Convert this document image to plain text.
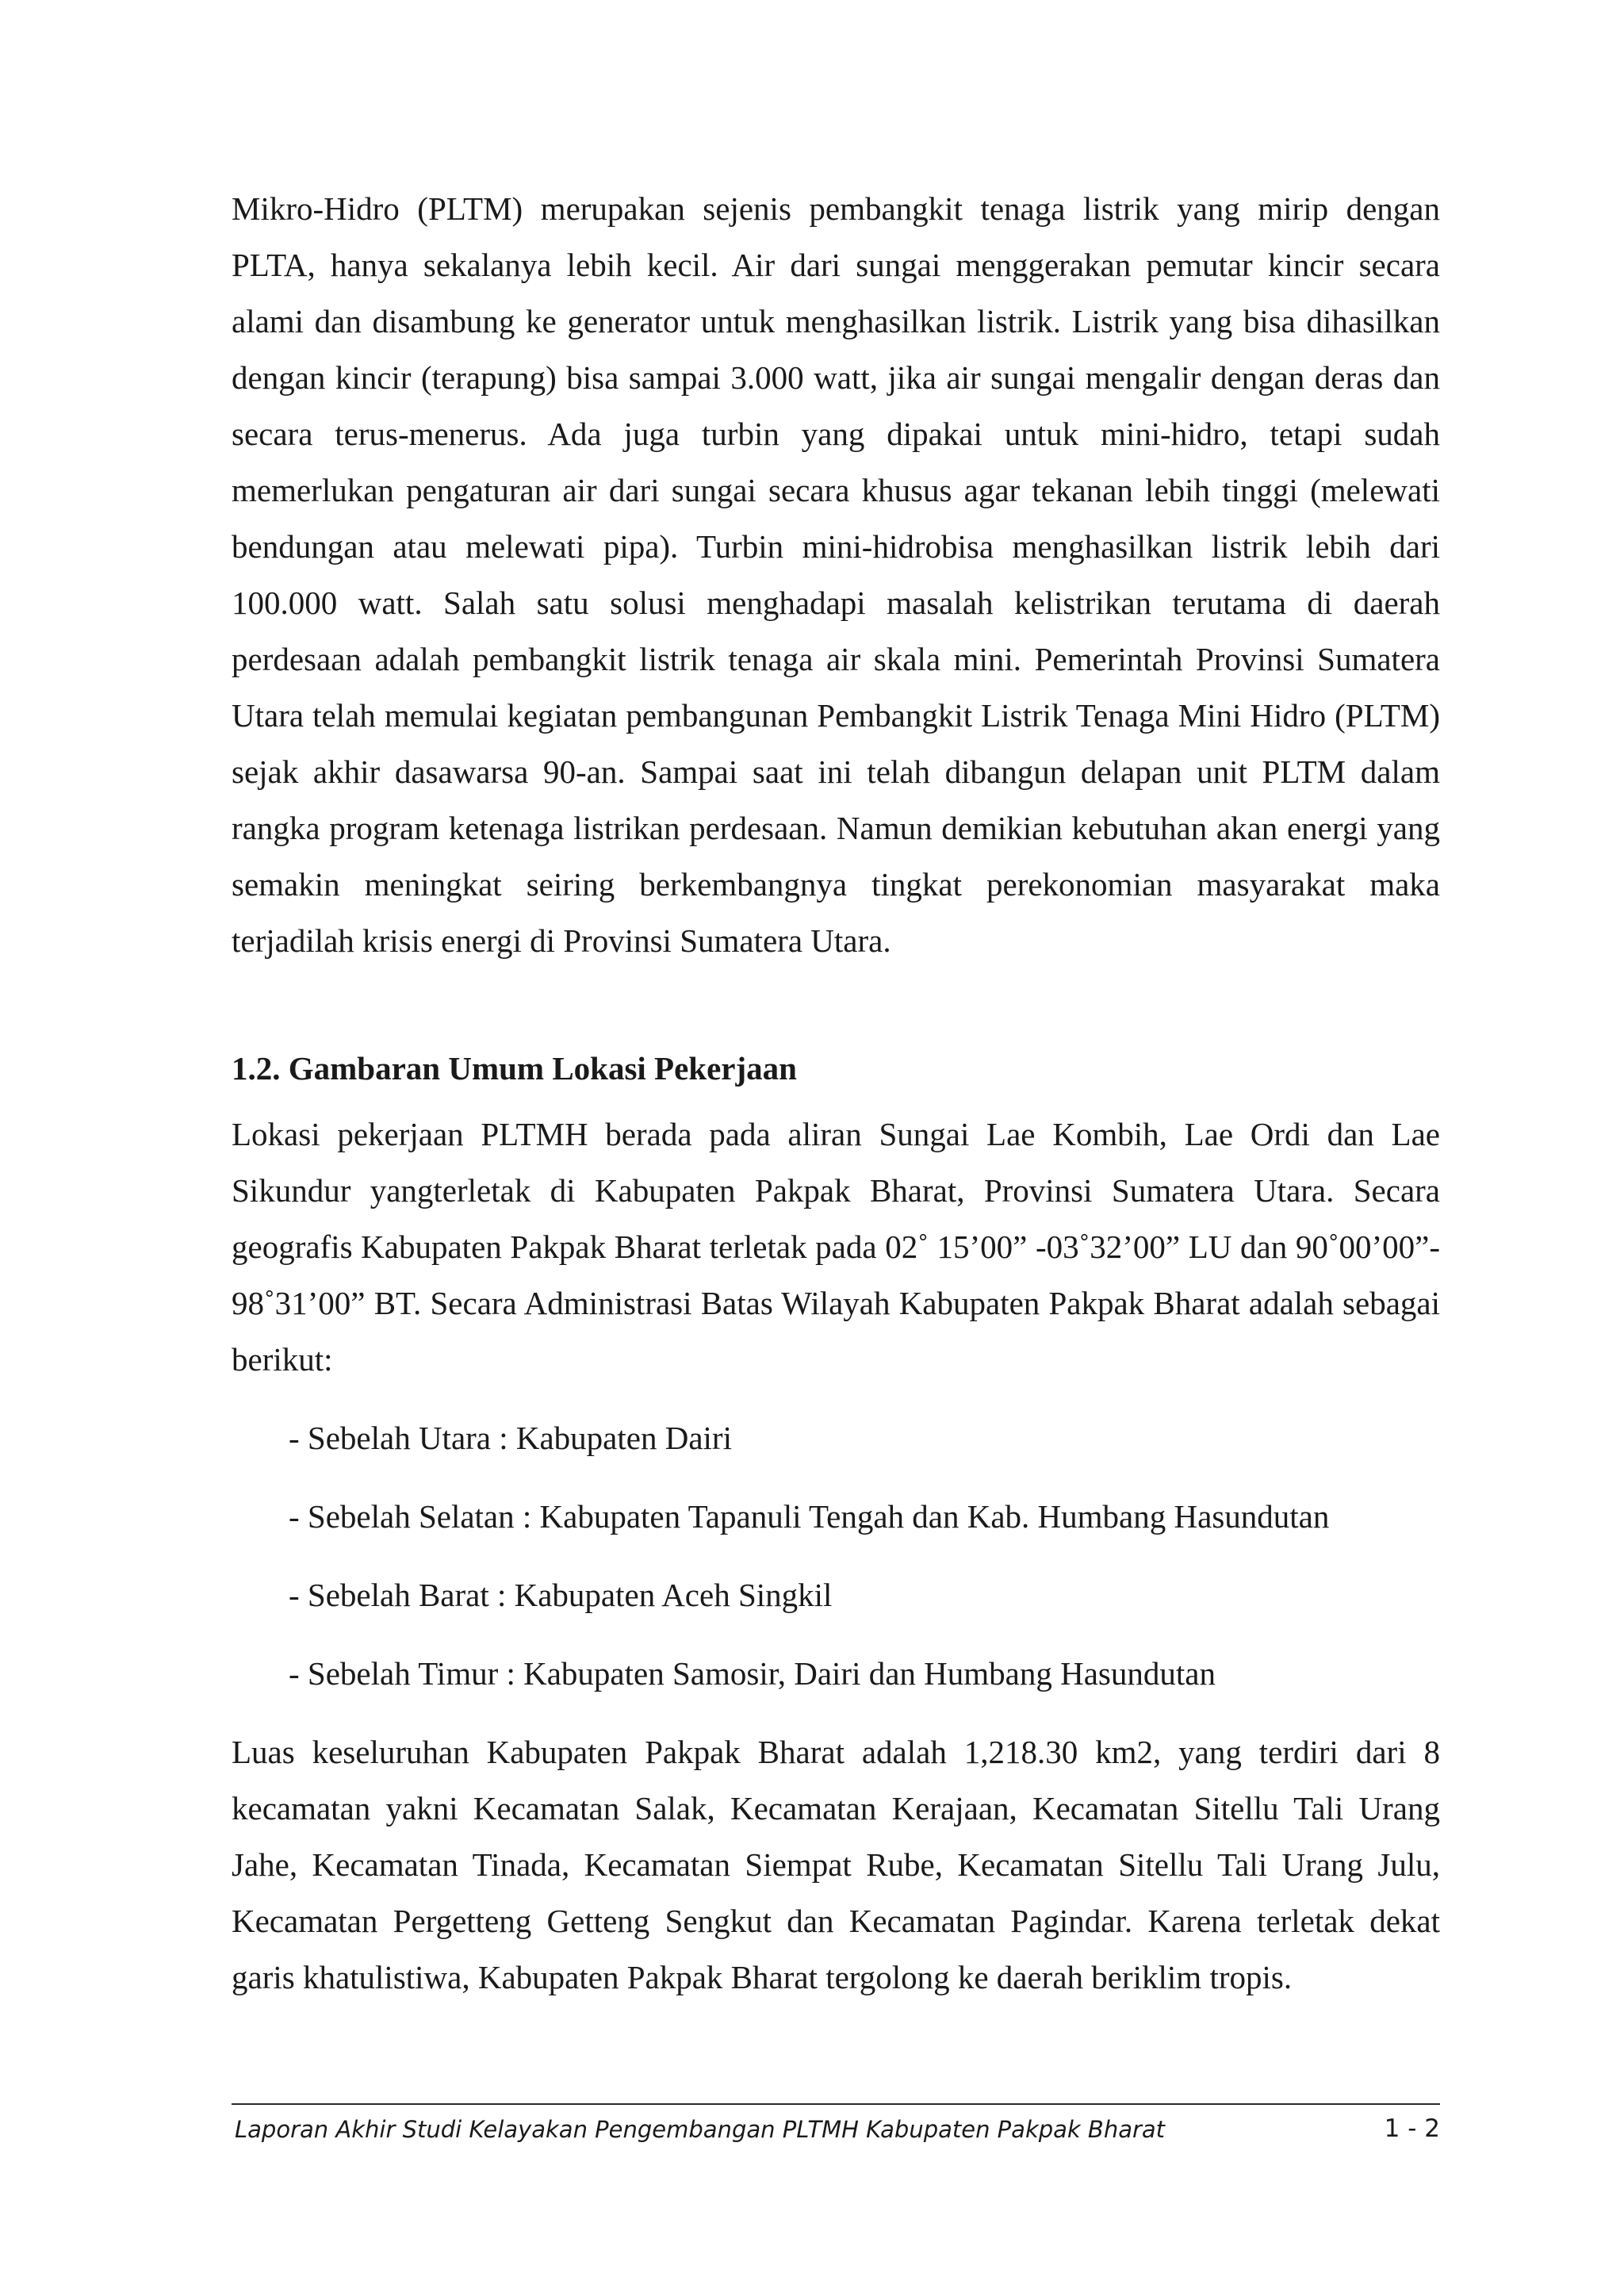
Mikro-Hidro (PLTM) merupakan sejenis pembangkit tenaga listrik yang mirip dengan PLTA, hanya sekalanya lebih kecil. Air dari sungai menggerakan pemutar kincir secara alami dan disambung ke generator untuk menghasilkan listrik. Listrik yang bisa dihasilkan dengan kincir (terapung) bisa sampai 3.000 watt, jika air sungai mengalir dengan deras dan secara terus-menerus. Ada juga turbin yang dipakai untuk mini-hidro, tetapi sudah memerlukan pengaturan air dari sungai secara khusus agar tekanan lebih tinggi (melewati bendungan atau melewati pipa). Turbin mini-hidrobisa menghasilkan listrik lebih dari 100.000 watt. Salah satu solusi menghadapi masalah kelistrikan terutama di daerah perdesaan adalah pembangkit listrik tenaga air skala mini. Pemerintah Provinsi Sumatera Utara telah memulai kegiatan pembangunan Pembangkit Listrik Tenaga Mini Hidro (PLTM) sejak akhir dasawarsa 90-an. Sampai saat ini telah dibangun delapan unit PLTM dalam rangka program ketenaga listrikan perdesaan. Namun demikian kebutuhan akan energi yang semakin meningkat seiring berkembangnya tingkat perekonomian masyarakat maka terjadilah krisis energi di Provinsi Sumatera Utara.

1.2. Gambaran Umum Lokasi Pekerjaan

Lokasi pekerjaan PLTMH berada pada aliran Sungai Lae Kombih, Lae Ordi dan Lae Sikundur yangterletak di Kabupaten Pakpak Bharat, Provinsi Sumatera Utara. Secara geografis Kabupaten Pakpak Bharat terletak pada 02˚ 15’00” -03˚32’00” LU dan 90˚00’00”- 98˚31’00” BT. Secara Administrasi Batas Wilayah Kabupaten Pakpak Bharat adalah sebagai berikut:

- Sebelah Utara : Kabupaten Dairi
- Sebelah Selatan : Kabupaten Tapanuli Tengah dan Kab. Humbang Hasundutan
- Sebelah Barat : Kabupaten Aceh Singkil
- Sebelah Timur : Kabupaten Samosir, Dairi dan Humbang Hasundutan

Luas keseluruhan Kabupaten Pakpak Bharat adalah 1,218.30 km2, yang terdiri dari 8 kecamatan yakni Kecamatan Salak, Kecamatan Kerajaan, Kecamatan Sitellu Tali Urang Jahe, Kecamatan Tinada, Kecamatan Siempat Rube, Kecamatan Sitellu Tali Urang Julu, Kecamatan Pergetteng Getteng Sengkut dan Kecamatan Pagindar. Karena terletak dekat garis khatulistiwa, Kabupaten Pakpak Bharat tergolong ke daerah beriklim tropis.

Laporan Akhir Studi Kelayakan Pengembangan PLTMH Kabupaten Pakpak Bharat	1 - 2
